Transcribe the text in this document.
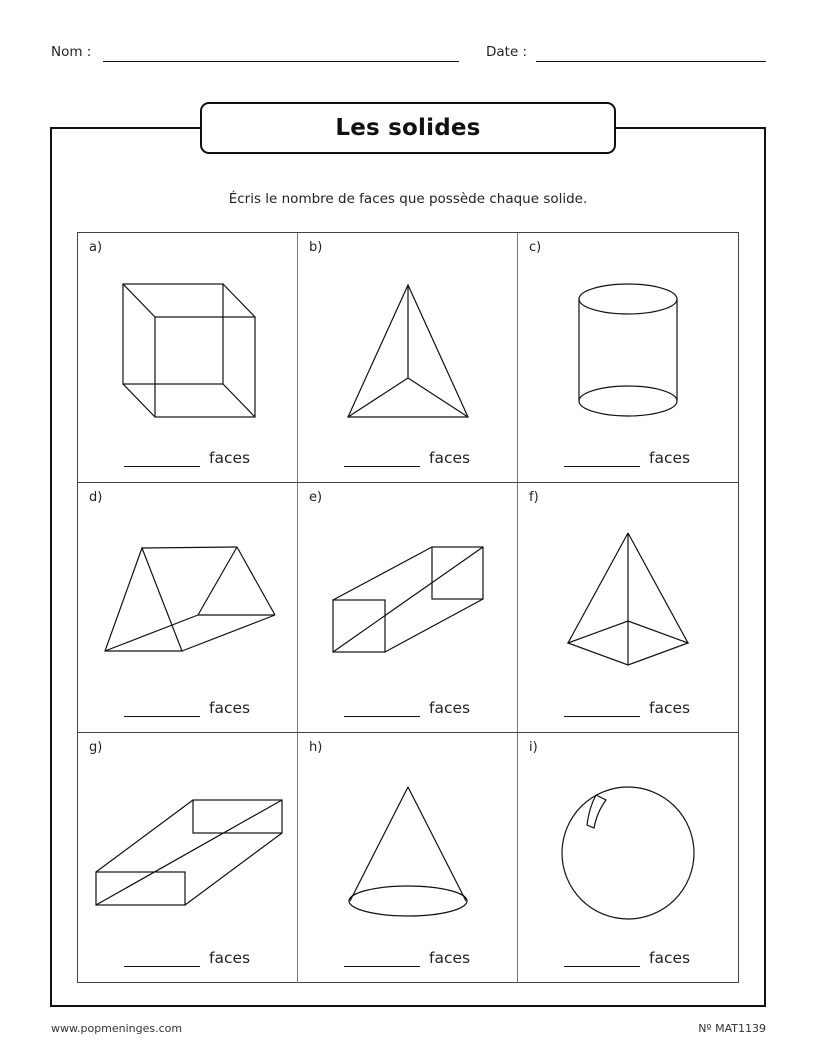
Nom :	Date :
Les solides
Écris le nombre de faces que possède chaque solide.
a)
faces
b)
faces
c)
faces
d)
faces
e)
faces
f)
faces
g)
faces
h)
faces
i)
faces
www.popmeninges.com	Nº MAT1139
